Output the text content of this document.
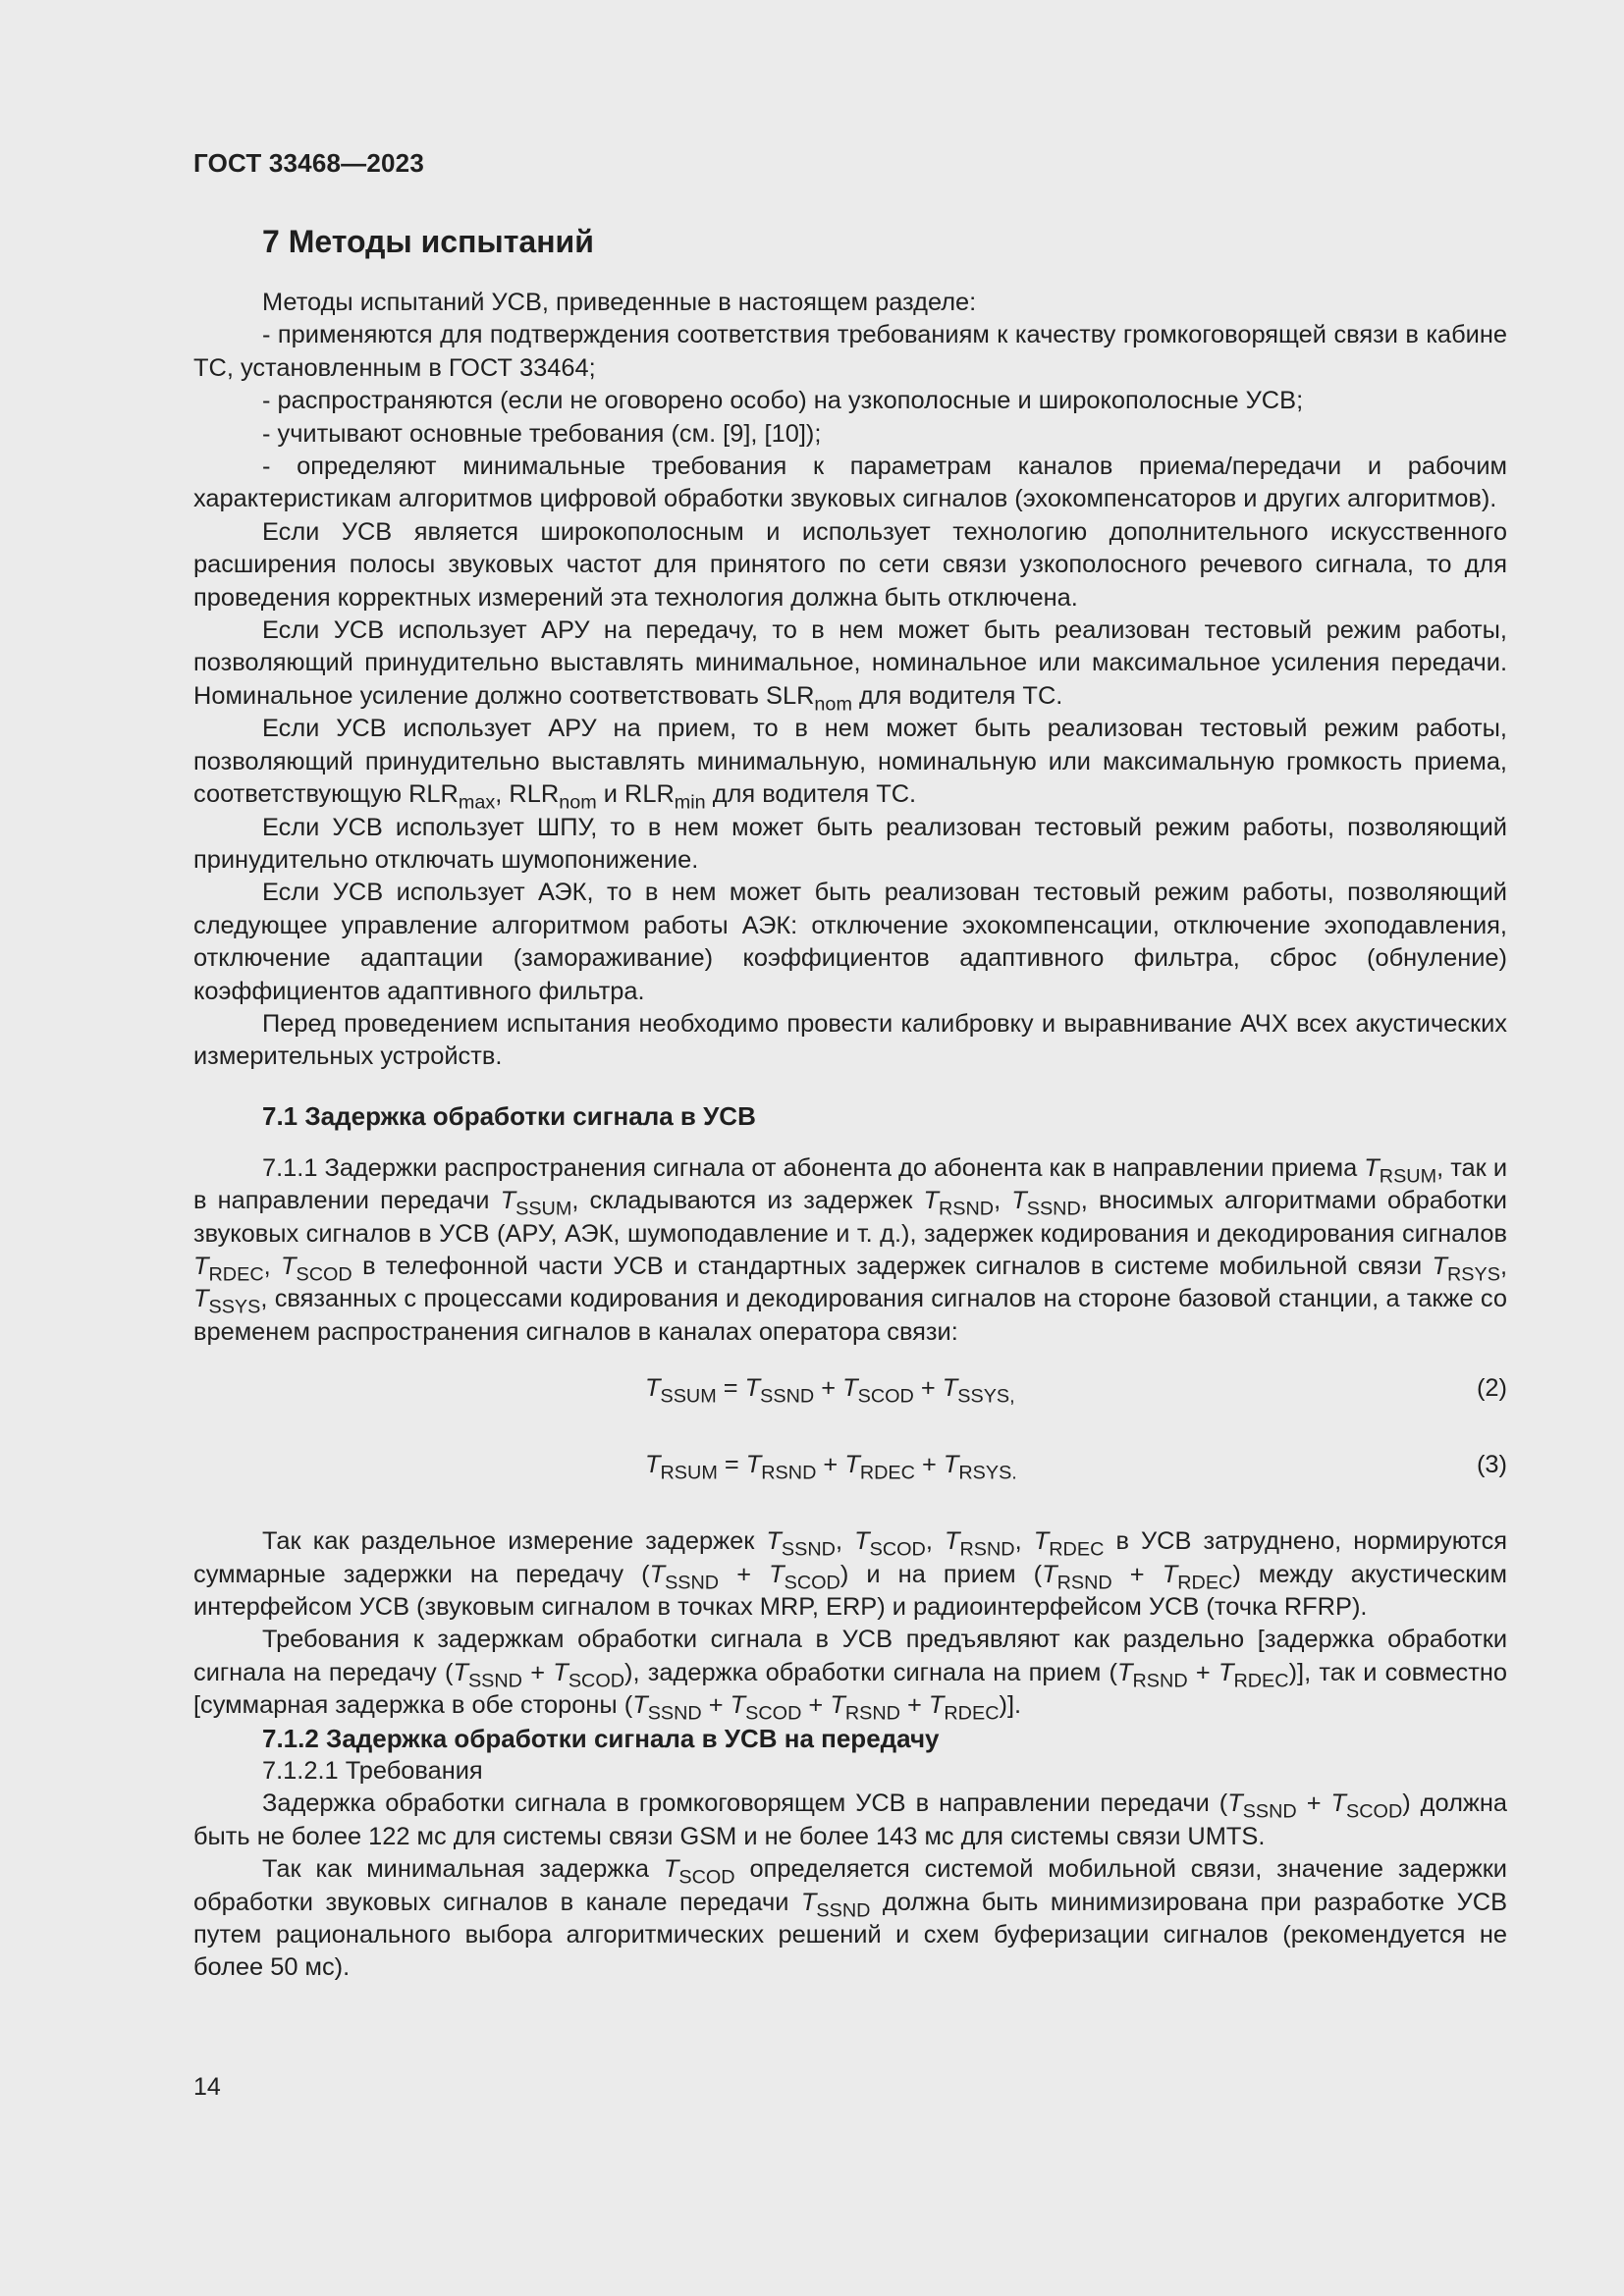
ГОСТ 33468—2023
7 Методы испытаний

Методы испытаний УСВ, приведенные в настоящем разделе:

- применяются для подтверждения соответствия требованиям к качеству громкоговорящей связи в кабине ТС, установленным в ГОСТ 33464;

- распространяются (если не оговорено особо) на узкополосные и широкополосные УСВ;

- учитывают основные требования (см. [9], [10]);

- определяют минимальные требования к параметрам каналов приема/передачи и рабочим характеристикам алгоритмов цифровой обработки звуковых сигналов (эхокомпенсаторов и других алгоритмов).

Если УСВ является широкополосным и использует технологию дополнительного искусственного расширения полосы звуковых частот для принятого по сети связи узкополосного речевого сигнала, то для проведения корректных измерений эта технология должна быть отключена.

Если УСВ использует АРУ на передачу, то в нем может быть реализован тестовый режим работы, позволяющий принудительно выставлять минимальное, номинальное или максимальное усиления передачи. Номинальное усиление должно соответствовать $SLR_{nom}$ для водителя ТС.

Если УСВ использует АРУ на прием, то в нем может быть реализован тестовый режим работы, позволяющий принудительно выставлять минимальную, номинальную или максимальную громкость приема, соответствующую $RLR_{max}$, $RLR_{nom}$ и $RLR_{min}$ для водителя ТС.

Если УСВ использует ШПУ, то в нем может быть реализован тестовый режим работы, позволяющий принудительно отключать шумопонижение.

Если УСВ использует АЭК, то в нем может быть реализован тестовый режим работы, позволяющий следующее управление алгоритмом работы АЭК: отключение эхокомпенсации, отключение эхоподавления, отключение адаптации (замораживание) коэффициентов адаптивного фильтра, сброс (обнуление) коэффициентов адаптивного фильтра.

Перед проведением испытания необходимо провести калибровку и выравнивание АЧХ всех акустических измерительных устройств.

7.1 Задержка обработки сигнала в УСВ

7.1.1 Задержки распространения сигнала от абонента до абонента как в направлении приема $T_{RSUM}$, так и в направлении передачи $T_{SSUM}$, складываются из задержек $T_{RSND}$, $T_{SSND}$, вносимых алгоритмами обработки звуковых сигналов в УСВ (АРУ, АЭК, шумоподавление и т. д.), задержек кодирования и декодирования сигналов $T_{RDEC}$, $T_{SCOD}$ в телефонной части УСВ и стандартных задержек сигналов в системе мобильной связи $T_{RSYS}$, $T_{SSYS}$, связанных с процессами кодирования и декодирования сигналов на стороне базовой станции, а также со временем распространения сигналов в каналах оператора связи:

$T_{SSUM} = T_{SSND} + T_{SCOD} + T_{SSYS,}$	(2)
$T_{RSUM} = T_{RSND} + T_{RDEC} + T_{RSYS.}$	(3)

Так как раздельное измерение задержек $T_{SSND}$, $T_{SCOD}$, $T_{RSND}$, $T_{RDEC}$ в УСВ затруднено, нормируются суммарные задержки на передачу $(T_{SSND} + T_{SCOD})$ и на прием $(T_{RSND} + T_{RDEC})$ между акустическим интерфейсом УСВ (звуковым сигналом в точках MRP, ERP) и радиоинтерфейсом УСВ (точка RFRP).

Требования к задержкам обработки сигнала в УСВ предъявляют как раздельно [задержка обработки сигнала на передачу $(T_{SSND} + T_{SCOD})$, задержка обработки сигнала на прием $(T_{RSND} + T_{RDEC})$], так и совместно [суммарная задержка в обе стороны $(T_{SSND} + T_{SCOD} + T_{RSND} + T_{RDEC})$].

7.1.2 Задержка обработки сигнала в УСВ на передачу
7.1.2.1 Требования

Задержка обработки сигнала в громкоговорящем УСВ в направлении передачи $(T_{SSND} + T_{SCOD})$ должна быть не более 122 мс для системы связи GSM и не более 143 мс для системы связи UMTS.

Так как минимальная задержка $T_{SCOD}$ определяется системой мобильной связи, значение задержки обработки звуковых сигналов в канале передачи $T_{SSND}$ должна быть минимизирована при разработке УСВ путем рационального выбора алгоритмических решений и схем буферизации сигналов (рекомендуется не более 50 мс).

14
